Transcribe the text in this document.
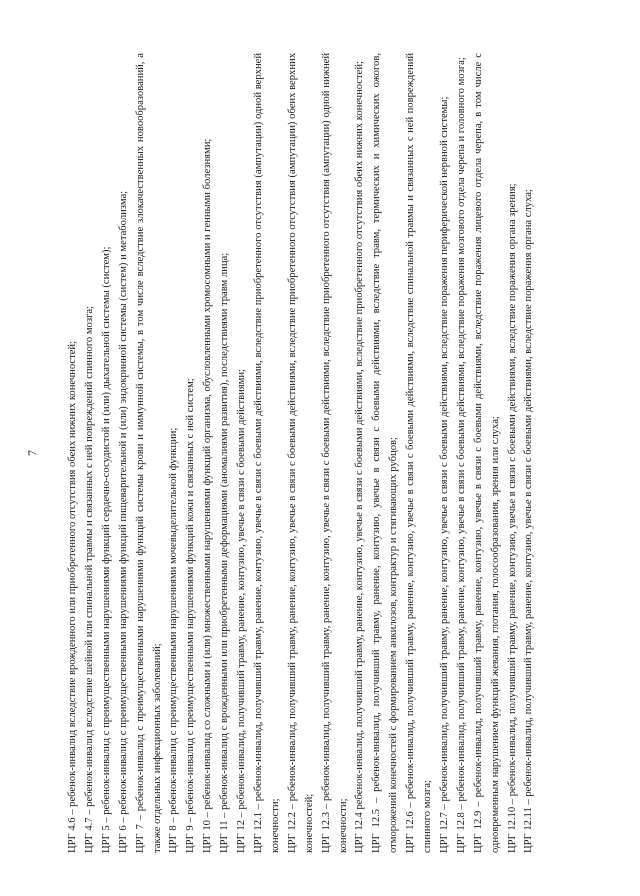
7	ЦРГ 4.6 – ребенок-инвалид вследствие врожденного или приобретенного отсутствия обеих нижних конечностей; ЦРГ 4.7 – ребенок-инвалид вследствие шейной или спинальной травмы и связанных с ней повреждений спинного мозга; ЦРГ 5 – ребенок-инвалид с преимущественными нарушениями функций сердечно-сосудистой и (или) дыхательной системы (систем); ЦРГ 6 – ребенок-инвалид с преимущественными нарушениями функций пищеварительной и (или) эндокринной системы (систем) и метаболизма; ЦРГ 7 – ребенок-инвалид с преимущественными нарушениями функций системы крови и иммунной системы, в том числе вследствие злокачественных новообразований, а также отдельных инфекционных заболеваний; ЦРГ 8 – ребенок-инвалид с преимущественными нарушениями мочевыделительной функции; ЦРГ 9 – ребенок-инвалид с преимущественными нарушениями функций кожи и связанных с ней систем; ЦРГ 10 – ребенок-инвалид со сложными и (или) множественными нарушениями функций организма, обусловленными хромосомными и генными болезнями; ЦРГ 11 – ребенок-инвалид с врожденными или приобретенными деформациями (аномалиями развития), последствиями травм лица; ЦРГ 12 – ребенок-инвалид, получивший травму, ранение, контузию, увечье в связи с боевыми действиями; ЦРГ 12.1 – ребенок-инвалид, получивший травму, ранение, контузию, увечье в связи с боевыми действиями, вследствие приобретенного отсутствия (ампутации) одной верхней конечности; ЦРГ 12.2 – ребенок-инвалид, получивший травму, ранение, контузию, увечье в связи с боевыми действиями, вследствие приобретенного отсутствия (ампутации) обеих верхних конечностей; ЦРГ 12.3 – ребенок-инвалид, получивший травму, ранение, контузию, увечье в связи с боевыми действиями, вследствие приобретенного отсутствия (ампутации) одной нижней конечности; ЦРГ 12.4 ребенок-инвалид, получивший травму, ранение, контузию, увечье в связи с боевыми действиями, вследствие приобретенного отсутствия обеих нижних конечностей; ЦРГ 12.5 – ребенок-инвалид, получивший травму, ранение, контузию, увечье в связи с боевыми действиями, вследствие травм, термических и химических ожогов, отморожений конечностей с формированием анкилозов, контрактур и стягивающих рубцов; ЦРГ 12.6 – ребенок-инвалид, получивший травму, ранение, контузию, увечье в связи с боевыми действиями, вследствие спинальной травмы и связанных с ней повреждений спинного мозга; ЦРГ 12.7 – ребенок-инвалид, получивший травму, ранение, контузию, увечье в связи с боевыми действиями, вследствие поражения периферической нервной системы; ЦРГ 12.8 – ребенок-инвалид, получивший травму, ранение, контузию, увечье в связи с боевыми действиями, вследствие поражения мозгового отдела черепа и головного мозга; ЦРГ 12.9 – ребенок-инвалид, получивший травму, ранение, контузию, увечье в связи с боевыми действиями, вследствие поражения лицевого отдела черепа, в том числе с одновременным нарушением функций жевания, глотания, голосообразования, зрения или слуха; ЦРГ 12.10 – ребенок-инвалид, получивший травму, ранение, контузию, увечье в связи с боевыми действиями, вследствие поражения органа зрения; ЦРГ 12.11 – ребенок-инвалид, получивший травму, ранение, контузию, увечье в связи с боевыми действиями, вследствие поражения органа слуха;
